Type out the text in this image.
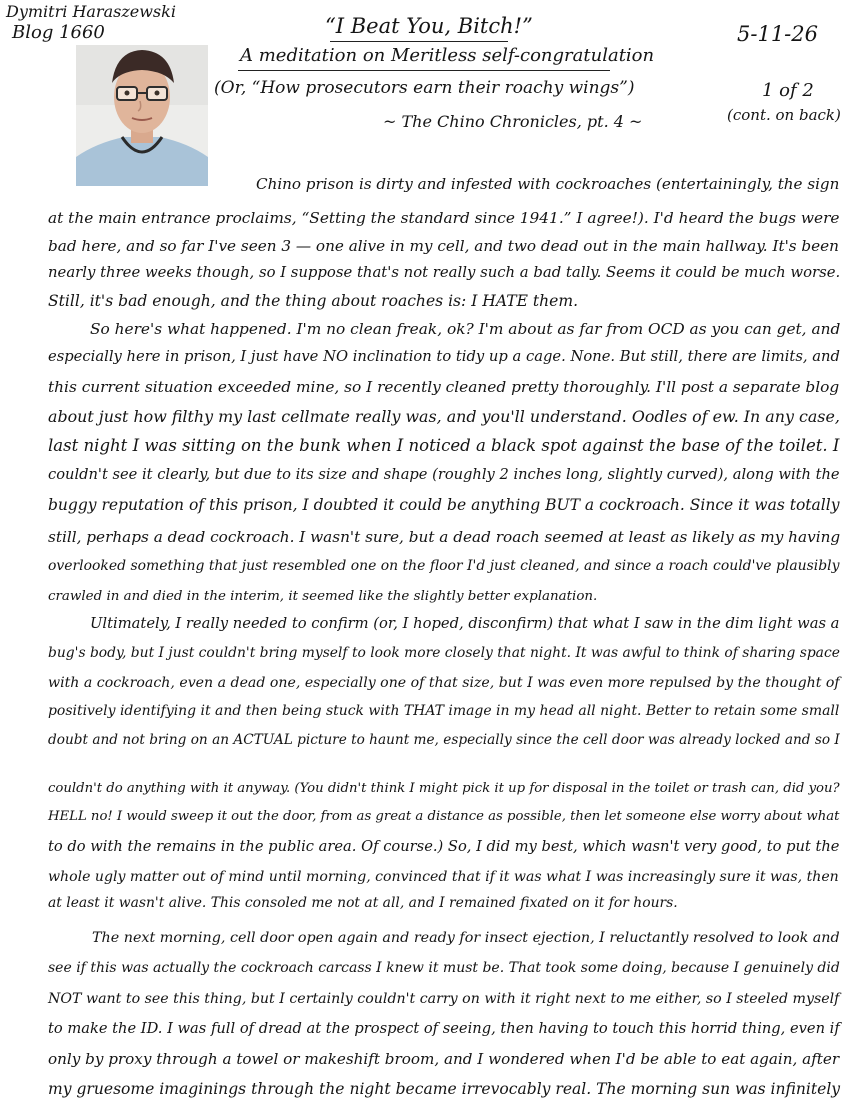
Dymitri Haraszewski
Blog 1660	“I Beat You, Bitch!”
A meditation on Meritless self-congratulation
(Or, “How prosecutors earn their roachy wings”)
~ The Chino Chronicles, pt. 4 ~
5-11-26
1 of 2
(cont. on back)
Chino prison is dirty and infested with cockroaches (entertainingly, the sign
at the main entrance proclaims, “Setting the standard since 1941.” I agree!). I'd heard the bugs were
bad here, and so far I've seen 3 — one alive in my cell, and two dead out in the main hallway. It's been
nearly three weeks though, so I suppose that's not really such a bad tally. Seems it could be much worse.
Still, it's bad enough, and the thing about roaches is: I HATE them.
So here's what happened. I'm no clean freak, ok? I'm about as far from OCD as you can get, and
especially here in prison, I just have NO inclination to tidy up a cage. None. But still, there are limits, and
this current situation exceeded mine, so I recently cleaned pretty thoroughly. I'll post a separate blog
about just how filthy my last cellmate really was, and you'll understand. Oodles of ew. In any case,
last night I was sitting on the bunk when I noticed a black spot against the base of the toilet. I
couldn't see it clearly, but due to its size and shape (roughly 2 inches long, slightly curved), along with the
buggy reputation of this prison, I doubted it could be anything BUT a cockroach. Since it was totally
still, perhaps a dead cockroach. I wasn't sure, but a dead roach seemed at least as likely as my having
overlooked something that just resembled one on the floor I'd just cleaned, and since a roach could've plausibly
crawled in and died in the interim, it seemed like the slightly better explanation.
Ultimately, I really needed to confirm (or, I hoped, disconfirm) that what I saw in the dim light was a
bug's body, but I just couldn't bring myself to look more closely that night. It was awful to think of sharing space
with a cockroach, even a dead one, especially one of that size, but I was even more repulsed by the thought of
positively identifying it and then being stuck with THAT image in my head all night. Better to retain some small
doubt and not bring on an ACTUAL picture to haunt me, especially since the cell door was already locked and so I
couldn't do anything with it anyway. (You didn't think I might pick it up for disposal in the toilet or trash can, did you?
HELL no! I would sweep it out the door, from as great a distance as possible, then let someone else worry about what
to do with the remains in the public area. Of course.) So, I did my best, which wasn't very good, to put the
whole ugly matter out of mind until morning, convinced that if it was what I was increasingly sure it was, then
at least it wasn't alive. This consoled me not at all, and I remained fixated on it for hours.
The next morning, cell door open again and ready for insect ejection, I reluctantly resolved to look and
see if this was actually the cockroach carcass I knew it must be. That took some doing, because I genuinely did
NOT want to see this thing, but I certainly couldn't carry on with it right next to me either, so I steeled myself
to make the ID. I was full of dread at the prospect of seeing, then having to touch this horrid thing, even if
only by proxy through a towel or makeshift broom, and I wondered when I'd be able to eat again, after
my gruesome imaginings through the night became irrevocably real. The morning sun was infinitely
